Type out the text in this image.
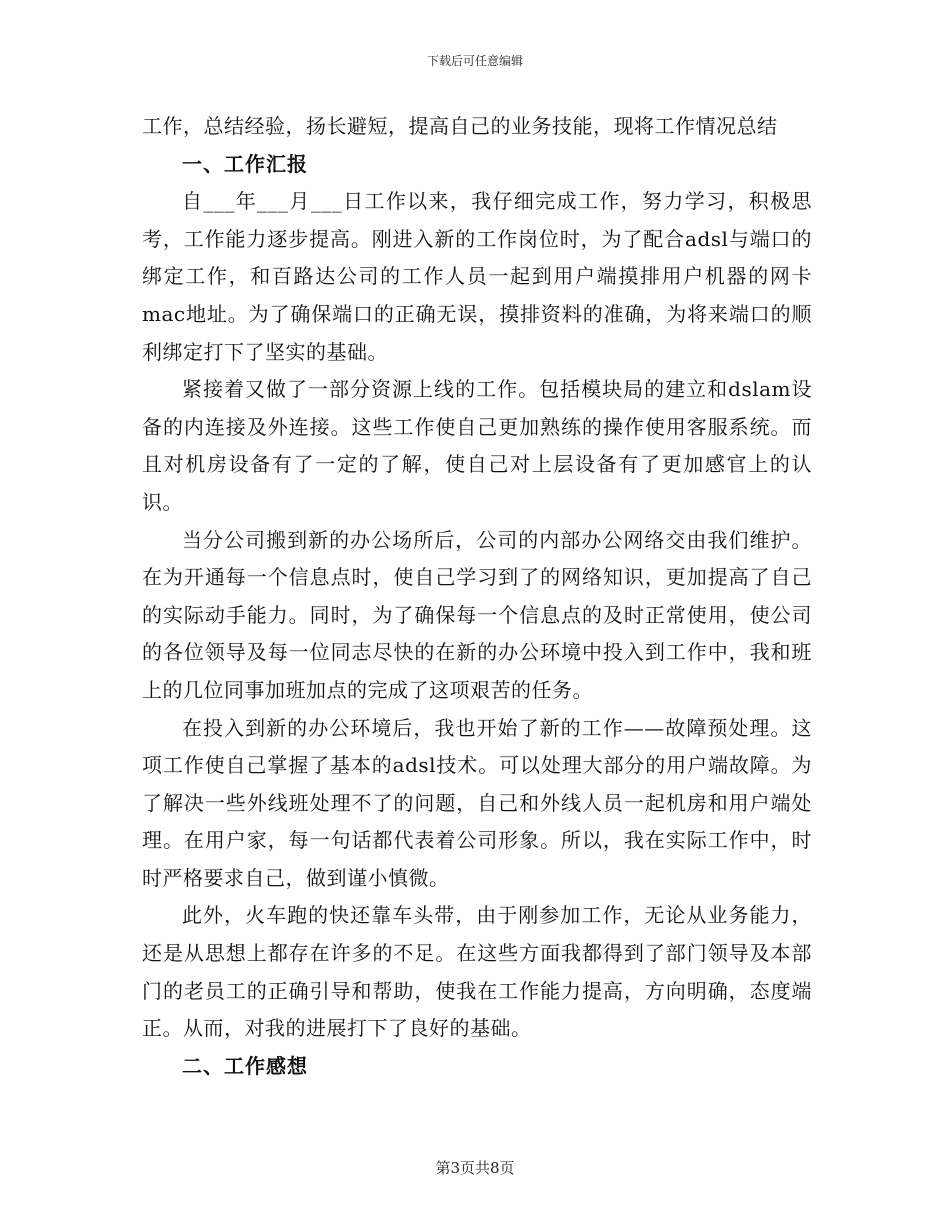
下载后可任意编辑

工作，总结经验，扬长避短，提高自己的业务技能，现将工作情况总结

一、工作汇报

自___年___月___日工作以来，我仔细完成工作，努力学习，积极思考，工作能力逐步提高。刚进入新的工作岗位时，为了配合adsl与端口的绑定工作，和百路达公司的工作人员一起到用户端摸排用户机器的网卡mac地址。为了确保端口的正确无误，摸排资料的准确，为将来端口的顺利绑定打下了坚实的基础。

紧接着又做了一部分资源上线的工作。包括模块局的建立和dslam设备的内连接及外连接。这些工作使自己更加熟练的操作使用客服系统。而且对机房设备有了一定的了解，使自己对上层设备有了更加感官上的认识。

当分公司搬到新的办公场所后，公司的内部办公网络交由我们维护。在为开通每一个信息点时，使自己学习到了的网络知识，更加提高了自己的实际动手能力。同时，为了确保每一个信息点的及时正常使用，使公司的各位领导及每一位同志尽快的在新的办公环境中投入到工作中，我和班上的几位同事加班加点的完成了这项艰苦的任务。

在投入到新的办公环境后，我也开始了新的工作——故障预处理。这项工作使自己掌握了基本的adsl技术。可以处理大部分的用户端故障。为了解决一些外线班处理不了的问题，自己和外线人员一起机房和用户端处理。在用户家，每一句话都代表着公司形象。所以，我在实际工作中，时时严格要求自己，做到谨小慎微。

此外，火车跑的快还靠车头带，由于刚参加工作，无论从业务能力，还是从思想上都存在许多的不足。在这些方面我都得到了部门领导及本部门的老员工的正确引导和帮助，使我在工作能力提高，方向明确，态度端正。从而，对我的进展打下了良好的基础。

二、工作感想

第3页共8页
